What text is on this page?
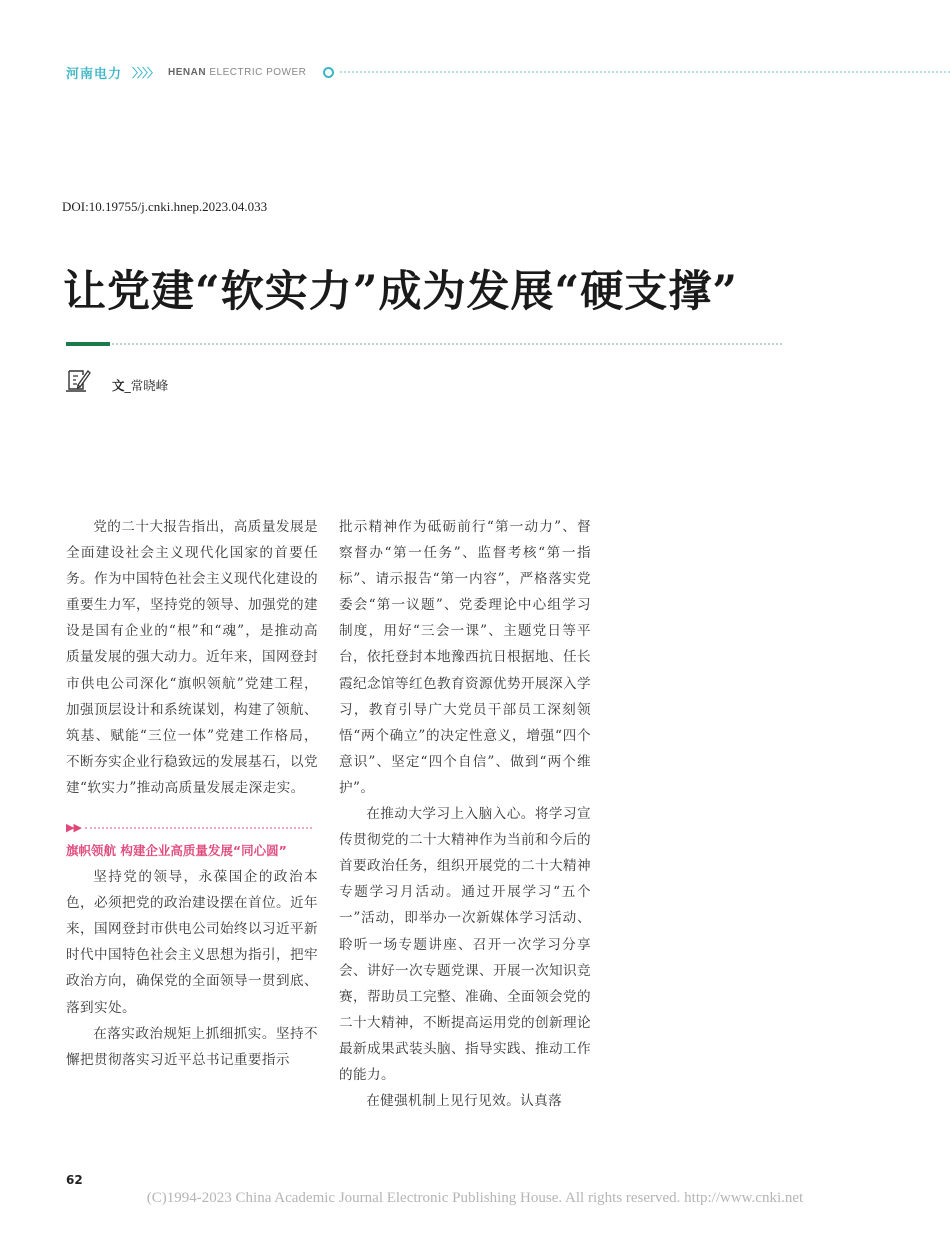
河南电力 〉〉〉〉 HENAN ELECTRIC POWER
DOI:10.19755/j.cnki.hnep.2023.04.033
让党建“软实力”成为发展“硬支撑”
文_常晓峰

党的二十大报告指出，高质量发展是全面建设社会主义现代化国家的首要任务。作为中国特色社会主义现代化建设的重要生力军，坚持党的领导、加强党的建设是国有企业的“根”和“魂”，是推动高质量发展的强大动力。近年来，国网登封市供电公司深化“旗帜领航”党建工程，加强顶层设计和系统谋划，构建了领航、筑基、赋能“三位一体”党建工作格局，不断夯实企业行稳致远的发展基石，以党建“软实力”推动高质量发展走深走实。

▶▶
旗帜领航 构建企业高质量发展“同心圆”

坚持党的领导，永葆国企的政治本色，必须把党的政治建设摆在首位。近年来，国网登封市供电公司始终以习近平新时代中国特色社会主义思想为指引，把牢政治方向，确保党的全面领导一贯到底、落到实处。

在落实政治规矩上抓细抓实。坚持不懈把贯彻落实习近平总书记重要指示

批示精神作为砥砺前行“第一动力”、督察督办“第一任务”、监督考核“第一指标”、请示报告“第一内容”，严格落实党委会“第一议题”、党委理论中心组学习制度，用好“三会一课”、主题党日等平台，依托登封本地豫西抗日根据地、任长霞纪念馆等红色教育资源优势开展深入学习，教育引导广大党员干部员工深刻领悟“两个确立”的决定性意义，增强“四个意识”、坚定“四个自信”、做到“两个维护”。

在推动大学习上入脑入心。将学习宣传贯彻党的二十大精神作为当前和今后的首要政治任务，组织开展党的二十大精神专题学习月活动。通过开展学习“五个一”活动，即举办一次新媒体学习活动、聆听一场专题讲座、召开一次学习分享会、讲好一次专题党课、开展一次知识竞赛，帮助员工完整、准确、全面领会党的二十大精神，不断提高运用党的创新理论最新成果武装头脑、指导实践、推动工作的能力。

在健强机制上见行见效。认真落

62
(C)1994-2023 China Academic Journal Electronic Publishing House. All rights reserved. http://www.cnki.net
